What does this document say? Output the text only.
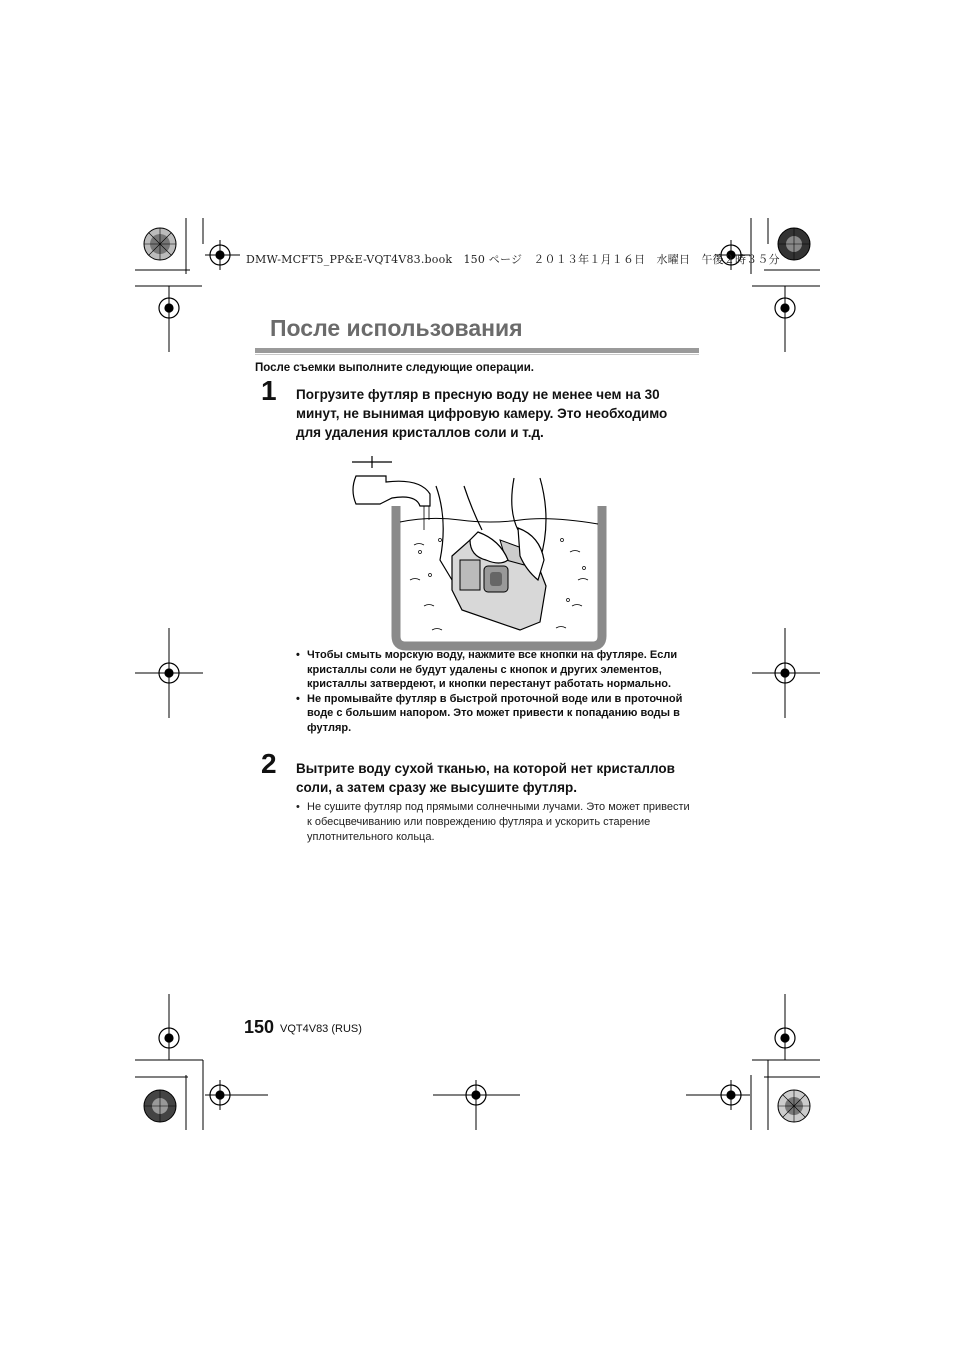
DMW-MCFT5_PP&E-VQT4V83.book　150 ページ　２０１３年１月１６日　水曜日　午後２時３５分
После использования
После съемки выполните следующие операции.
1 Погрузите футляр в пресную воду не менее чем на 30 минут, не вынимая цифровую камеру. Это необходимо для удаления кристаллов соли и т.д.
• Чтобы смыть морскую воду, нажмите все кнопки на футляре. Если кристаллы соли не будут удалены с кнопок и других элементов, кристаллы затвердеют, и кнопки перестанут работать нормально.
• Не промывайте футляр в быстрой проточной воде или в проточной воде с большим напором. Это может привести к попаданию воды в футляр.
2 Вытрите воду сухой тканью, на которой нет кристаллов соли, а затем сразу же высушите футляр.
• Не сушите футляр под прямыми солнечными лучами. Это может привести к обесцвечиванию или повреждению футляра и ускорить старение уплотнительного кольца.
150 VQT4V83 (RUS)
